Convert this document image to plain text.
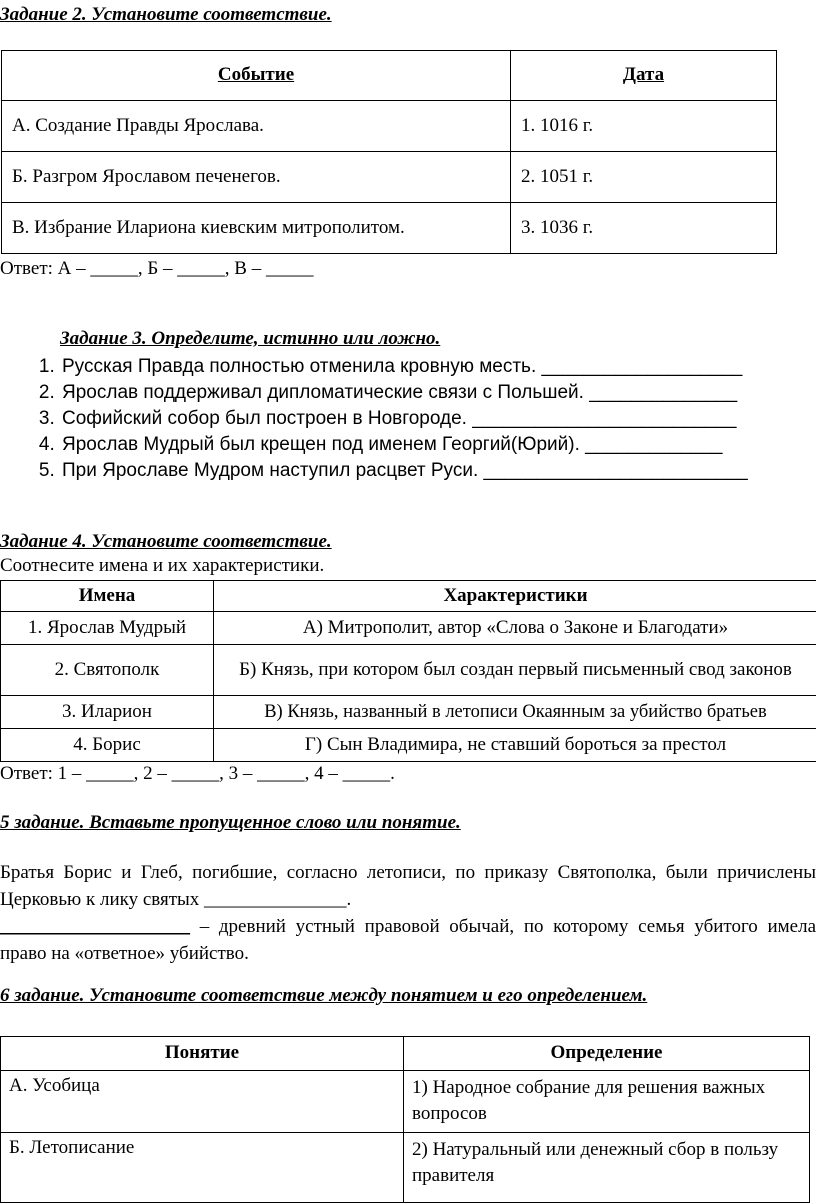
Задание 2. Установите соответствие.

Событие	Дата
А. Создание Правды Ярослава.	1. 1016 г.
Б. Разгром Ярославом печенегов.	2. 1051 г.
В. Избрание Илариона киевским митрополитом.	3. 1036 г.

Ответ: А – _____, Б – _____, В – _____

Задание 3. Определите, истинно или ложно.

1. Русская Правда полностью отменила кровную месть. ___________________
2. Ярослав поддерживал дипломатические связи с Польшей. ______________
3. Софийский собор был построен в Новгороде. _________________________
4. Ярослав Мудрый был крещен под именем Георгий(Юрий). _____________
5. При Ярославе Мудром наступил расцвет Руси. _________________________

Задание 4. Установите соответствие.

Соотнесите имена и их характеристики.

Имена	Характеристики
1. Ярослав Мудрый	А) Митрополит, автор «Слова о Законе и Благодати»
2. Святополк	Б) Князь, при котором был создан первый письменный свод законов
3. Иларион	В) Князь, названный в летописи Окаянным за убийство братьев
4. Борис	Г) Сын Владимира, не ставший бороться за престол

Ответ: 1 – _____, 2 – _____, 3 – _____, 4 – _____.

5 задание. Вставьте пропущенное слово или понятие.

Братья Борис и Глеб, погибшие, согласно летописи, по приказу Святополка, были причислены Церковью к лику святых _______________.

____________________ – древний устный правовой обычай, по которому семья убитого имела право на «ответное» убийство.

6 задание. Установите соответствие между понятием и его определением.

Понятие	Определение
А. Усобица	1) Народное собрание для решения важных вопросов
Б. Летописание	2) Натуральный или денежный сбор в пользу правителя
